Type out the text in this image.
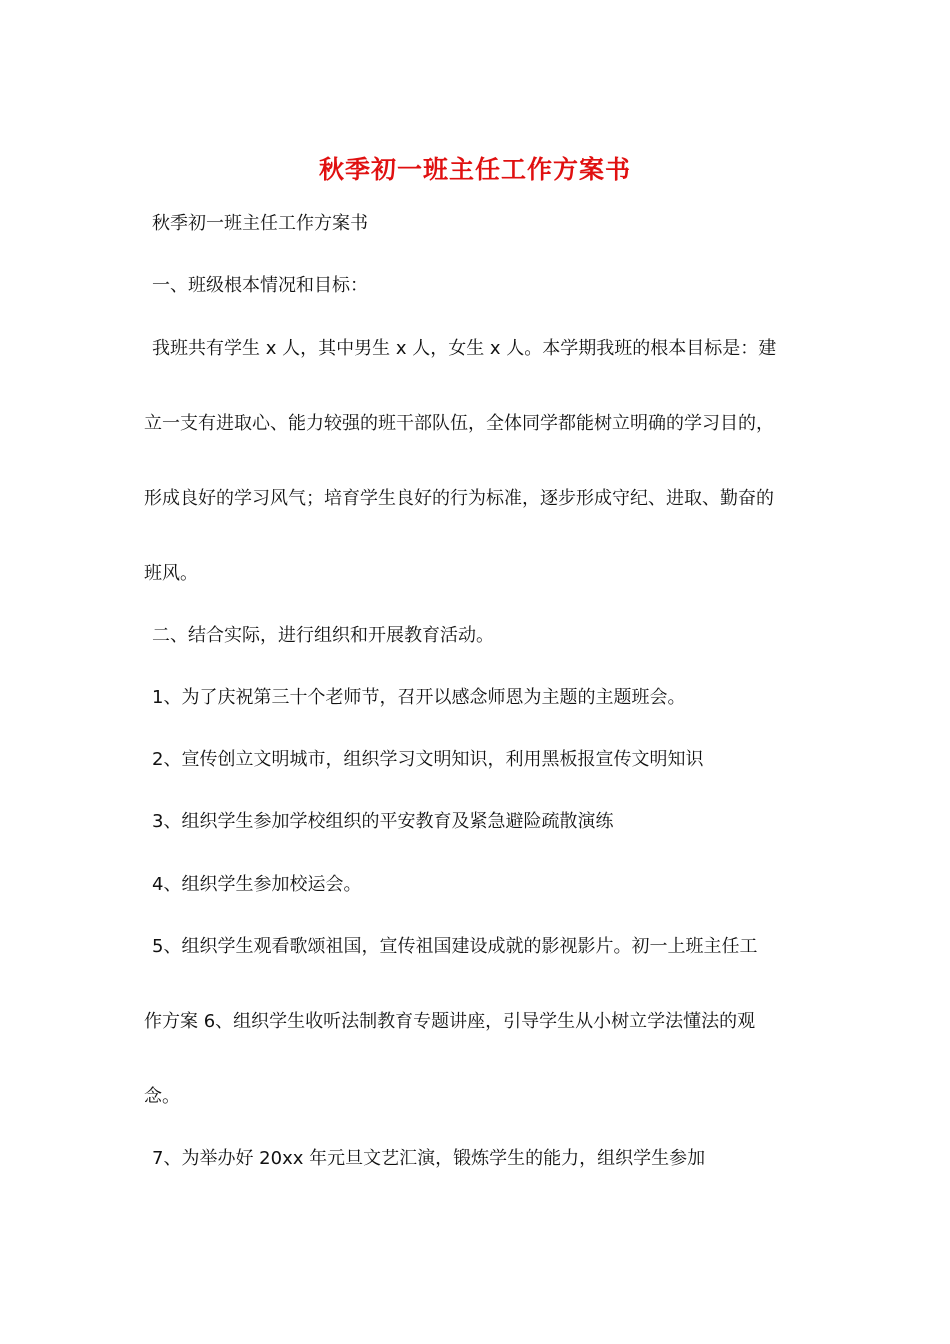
秋季初一班主任工作方案书
秋季初一班主任工作方案书
一、班级根本情况和目标：
我班共有学生 x 人，其中男生 x 人，女生 x 人。本学期我班的根本目标是：建
立一支有进取心、能力较强的班干部队伍，全体同学都能树立明确的学习目的，
形成良好的学习风气；培育学生良好的行为标准，逐步形成守纪、进取、勤奋的
班风。
二、结合实际，进行组织和开展教育活动。
1、为了庆祝第三十个老师节，召开以感念师恩为主题的主题班会。
2、宣传创立文明城市，组织学习文明知识，利用黑板报宣传文明知识
3、组织学生参加学校组织的平安教育及紧急避险疏散演练
4、组织学生参加校运会。
5、组织学生观看歌颂祖国，宣传祖国建设成就的影视影片。初一上班主任工
作方案 6、组织学生收听法制教育专题讲座，引导学生从小树立学法懂法的观
念。
7、为举办好 20xx 年元旦文艺汇演，锻炼学生的能力，组织学生参加
